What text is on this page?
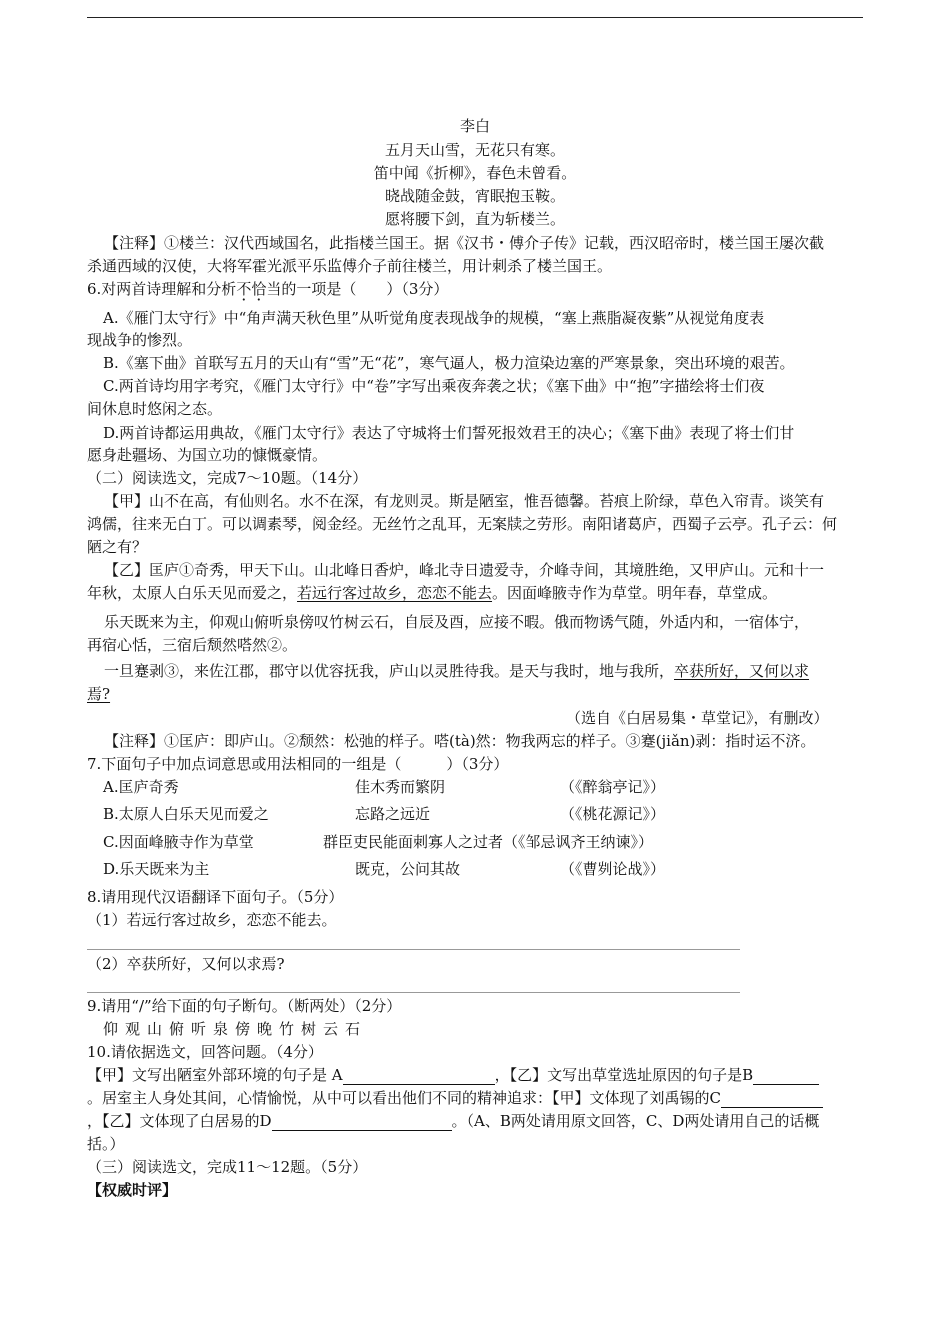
李白
五月天山雪，无花只有寒。
笛中闻《折柳》，春色未曾看。
晓战随金鼓，宵眠抱玉鞍。
愿将腰下剑，直为斩楼兰。
【注释】①楼兰：汉代西域国名，此指楼兰国王。据《汉书・傅介子传》记载，西汉昭帝时，楼兰国王屡次截
杀通西域的汉使，大将军霍光派平乐监傅介子前往楼兰，用计刺杀了楼兰国王。
6.对两首诗理解和分析不恰当的一项是（　　）（3分）
A.《雁门太守行》中“角声满天秋色里”从听觉角度表现战争的规模，“塞上燕脂凝夜紫”从视觉角度表
现战争的惨烈。
B.《塞下曲》首联写五月的天山有“雪”无“花”，寒气逼人，极力渲染边塞的严寒景象，突出环境的艰苦。
C.两首诗均用字考究，《雁门太守行》中“卷”字写出乘夜奔袭之状；《塞下曲》中“抱”字描绘将士们夜
间休息时悠闲之态。
D.两首诗都运用典故，《雁门太守行》表达了守城将士们誓死报效君王的决心；《塞下曲》表现了将士们甘
愿身赴疆场、为国立功的慷慨豪情。
（二）阅读选文，完成7～10题。（14分）
【甲】山不在高，有仙则名。水不在深，有龙则灵。斯是陋室，惟吾德馨。苔痕上阶绿，草色入帘青。谈笑有
鸿儒，往来无白丁。可以调素琴，阅金经。无丝竹之乱耳，无案牍之劳形。南阳诸葛庐，西蜀子云亭。孔子云：何
陋之有？
【乙】匡庐①奇秀，甲天下山。山北峰日香炉，峰北寺日遗爱寺，介峰寺间，其境胜绝，又甲庐山。元和十一
年秋，太原人白乐天见而爱之，若远行客过故乡，恋恋不能去。因面峰腋寺作为草堂。明年春，草堂成。
乐天既来为主，仰观山俯听泉傍叹竹树云石，自辰及酉，应接不暇。俄而物诱气随，外适内和，一宿体宁，
再宿心恬，三宿后颓然嗒然②。
一旦蹇剥③，来佐江郡，郡守以优容抚我，庐山以灵胜待我。是天与我时，地与我所，卒获所好，又何以求
焉?
（选自《白居易集・草堂记》，有删改）
【注释】①匡庐：即庐山。②颓然：松弛的样子。嗒(tà)然：物我两忘的样子。③蹇(jiǎn)剥：指时运不济。
7.下面句子中加点词意思或用法相同的一组是（　　　）（3分）
A.匡庐奇秀	佳木秀而繁阴	（《醉翁亭记》）
B.太原人白乐天见而爱之	忘路之远近	（《桃花源记》）
C.因面峰腋寺作为草堂	群臣吏民能面刺寡人之过者（《邹忌讽齐王纳谏》）
D.乐天既来为主	既克，公问其故	（《曹刿论战》）
8.请用现代汉语翻译下面句子。（5分）
（1）若远行客过故乡，恋恋不能去。
（2）卒获所好，又何以求焉?
9.请用“/”给下面的句子断句。（断两处）（2分）
仰观山俯听泉傍晚竹树云石
10.请依据选文，回答问题。（4分）
【甲】文写出陋室外部环境的句子是 A	，【乙】文写出草堂选址原因的句子是B
。居室主人身处其间，心情愉悦，从中可以看出他们不同的精神追求：【甲】文体现了刘禹锡的C
，【乙】文体现了白居易的D	。（A、B两处请用原文回答，C、D两处请用自己的话概
括。）
（三）阅读选文，完成11～12题。（5分）
【权威时评】
